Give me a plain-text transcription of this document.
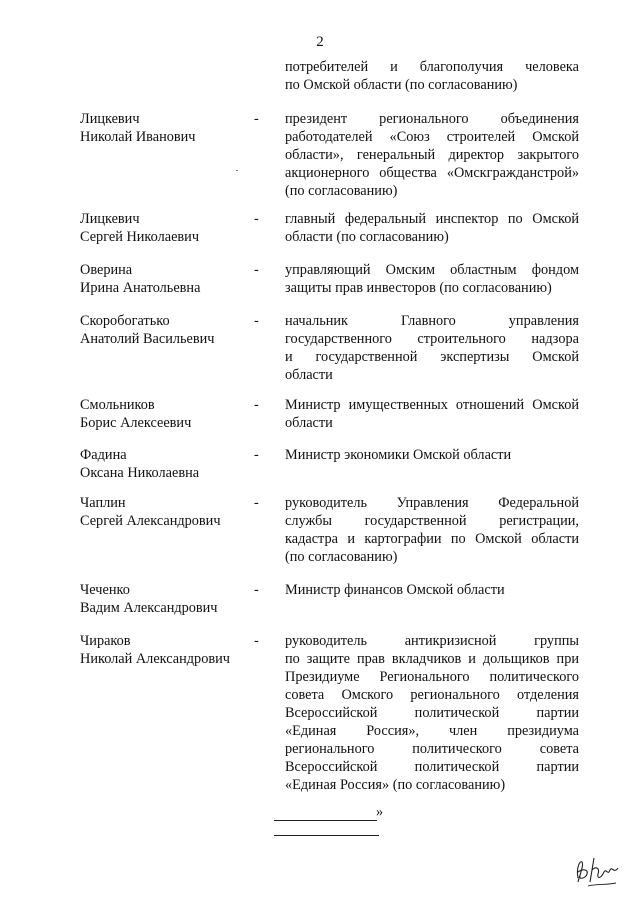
2
потребителей и благополучия человека
по Омской области (по согласованию)
Лицкевич
Николай Иванович
-	президент регионального объединения
работодателей «Союз строителей Омской
области», генеральный директор закрытого
акционерного общества «Омскгражданстрой»
(по согласованию)
Лицкевич
Сергей Николаевич
-	главный федеральный инспектор по Омской
области (по согласованию)
Оверина
Ирина Анатольевна
-	управляющий Омским областным фондом
защиты прав инвесторов (по согласованию)
Скоробогатько
Анатолий Васильевич
-	начальник Главного управления
государственного строительного надзора
и государственной экспертизы Омской
области
Смольников
Борис Алексеевич
-	Министр имущественных отношений Омской
области
Фадина
Оксана Николаевна
-	Министр экономики Омской области
Чаплин
Сергей Александрович
-	руководитель Управления Федеральной
службы государственной регистрации,
кадастра и картографии по Омской области
(по согласованию)
Чеченко
Вадим Александрович
-	Министр финансов Омской области
Чираков
Николай Александрович
-	руководитель антикризисной группы
по защите прав вкладчиков и дольщиков при
Президиуме Регионального политического
совета Омского регионального отделения
Всероссийской политической партии
«Единая Россия», член президиума
регионального политического совета
Всероссийской политической партии
«Единая Россия» (по согласованию)
»
